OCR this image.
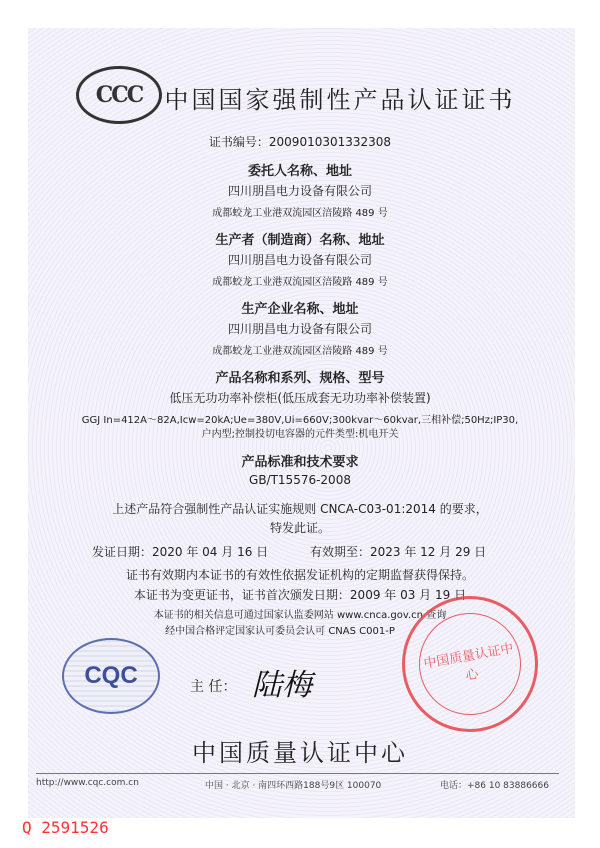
CCC 中国国家强制性产品认证证书
证书编号：2009010301332308
委托人名称、地址
四川朋昌电力设备有限公司
成都蛟龙工业港双流园区涪陵路 489 号
生产者（制造商）名称、地址
四川朋昌电力设备有限公司
成都蛟龙工业港双流园区涪陵路 489 号
生产企业名称、地址
四川朋昌电力设备有限公司
成都蛟龙工业港双流园区涪陵路 489 号
产品名称和系列、规格、型号
低压无功功率补偿柜(低压成套无功功率补偿装置)
GGJ In=412A～82A,Icw=20kA;Ue=380V,Ui=660V;300kvar～60kvar,三相补偿;50Hz;IP30,
户内型;控制投切电容器的元件类型:机电开关
产品标准和技术要求
GB/T15576-2008
上述产品符合强制性产品认证实施规则 CNCA-C03-01:2014 的要求，
特发此证。
发证日期：2020 年 04 月 16 日	有效期至：2023 年 12 月 29 日
证书有效期内本证书的有效性依据发证机构的定期监督获得保持。
本证书为变更证书，证书首次颁发日期：2009 年 03 月 19 日
本证书的相关信息可通过国家认监委网站 www.cnca.gov.cn 查询
经中国合格评定国家认可委员会认可 CNAS C001-P
CQC	主 任： 陆梅
中国质量认证中心
中国质量认证中心
http://www.cqc.com.cn	中国 · 北京 · 南四环西路188号9区 100070	电话：+86 10 83886666
Q 2591526
